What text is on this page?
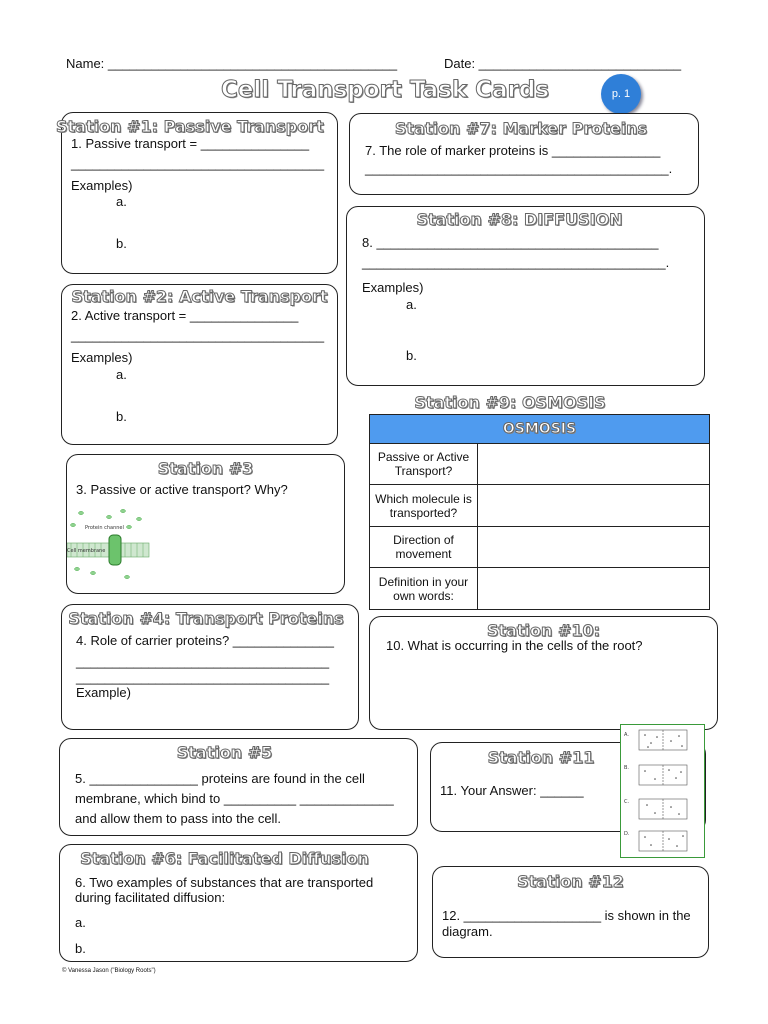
Name: ________________________________________	Date: ____________________________
Cell Transport Task Cards	p. 1
Station #1: Passive Transport
1. Passive transport = _______________
___________________________________
Examples)
a.
b.
Station #2: Active Transport
2. Active transport = _______________
___________________________________
Examples)
a.
b.
Station #3
3. Passive or active transport? Why?
Protein channel
Cell membrane
Station #4: Transport Proteins
4. Role of carrier proteins? ______________
___________________________________
___________________________________
Example)
Station #5
5. _______________ proteins are found in the cell
membrane, which bind to __________ _____________
and allow them to pass into the cell.
Station #6: Facilitated Diffusion
6. Two examples of substances that are transported
during facilitated diffusion:
a.
b.
Station #7: Marker Proteins
7. The role of marker proteins is _______________
__________________________________________.
Station #8: DIFFUSION
8. _______________________________________
__________________________________________.
Examples)
a.
b.
Station #9: OSMOSIS
OSMOSIS	
Passive or Active Transport?	
Which molecule is transported?	
Direction of movement	
Definition in your own words:	
Station #10:
10. What is occurring in the cells of the root?
Station #11
11. Your Answer: ______
A.
B.
C.
D.
Station #12
12. ___________________ is shown in the
diagram.
© Vanessa Jason ("Biology Roots")
